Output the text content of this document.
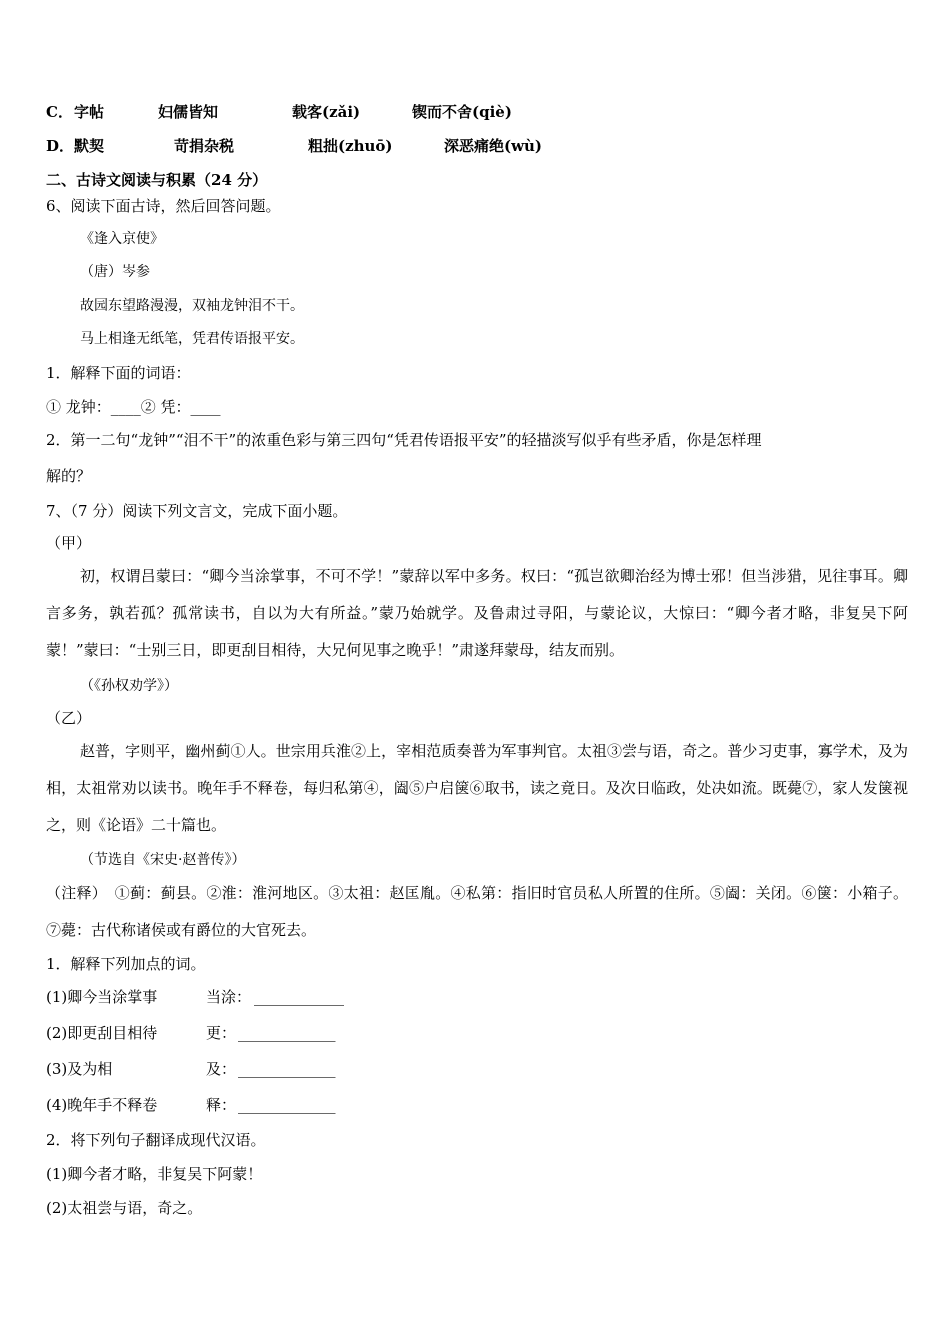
C． 字帖	妇儒皆知	载客(zǎi)	锲而不舍(qiè)
D． 默契	苛捐杂税	粗拙(zhuō)	深恶痛绝(wù)
二、古诗文阅读与积累（24 分）
6、阅读下面古诗，然后回答问题。
《逢入京使》
（唐）岑参
故园东望路漫漫，双袖龙钟泪不干。
马上相逢无纸笔，凭君传语报平安。
1．解释下面的词语：
① 龙钟：____② 凭：____
2．第一二句“龙钟”“泪不干”的浓重色彩与第三四句“凭君传语报平安”的轻描淡写似乎有些矛盾，你是怎样理
解的？
7、（7 分）阅读下列文言文，完成下面小题。
（甲）
初，权谓吕蒙曰：“卿今当涂掌事，不可不学！”蒙辞以军中多务。权曰：“孤岂欲卿治经为博士邪！但当涉猎，见往事耳。卿言多务，孰若孤？孤常读书，自以为大有所益。”蒙乃始就学。及鲁肃过寻阳，与蒙论议，大惊曰：“卿今者才略，非复吴下阿蒙！”蒙曰：“士别三日，即更刮目相待，大兄何见事之晚乎！”肃遂拜蒙母，结友而别。
（《孙权劝学》）
（乙）
赵普，字则平，幽州蓟①人。世宗用兵淮②上，宰相范质奏普为军事判官。太祖③尝与语，奇之。普少习吏事，寡学术，及为相，太祖常劝以读书。晚年手不释卷，每归私第④，阖⑤户启箧⑥取书，读之竟日。及次日临政，处决如流。既薨⑦，家人发箧视之，则《论语》二十篇也。
（节选自《宋史·赵普传》）
（注释）　①蓟：蓟县。②淮：淮河地区。③太祖：赵匡胤。④私第：指旧时官员私人所置的住所。⑤阖：关闭。⑥箧：小箱子。⑦薨：古代称诸侯或有爵位的大官死去。
1．解释下列加点的词。
(1)卿今当涂掌事	当涂： ____________
(2)即更刮目相待	更： _____________
(3)及为相	及： _____________
(4)晚年手不释卷	释： _____________
2．将下列句子翻译成现代汉语。
(1)卿今者才略，非复吴下阿蒙！
(2)太祖尝与语，奇之。
